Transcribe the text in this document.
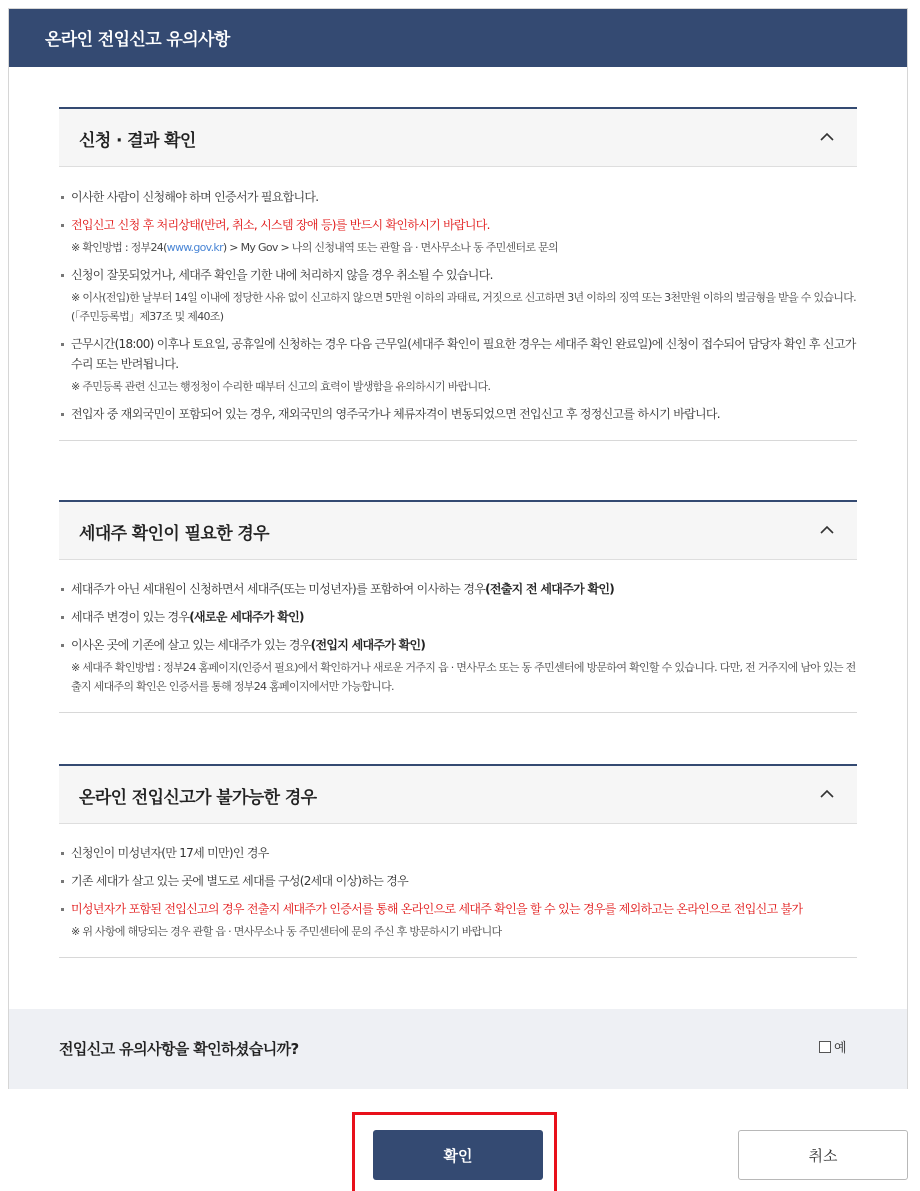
온라인 전입신고 유의사항
신청 · 결과 확인
이사한 사람이 신청해야 하며 인증서가 필요합니다.
전입신고 신청 후 처리상태(반려, 취소, 시스템 장애 등)를 반드시 확인하시기 바랍니다.
※ 확인방법 : 정부24(www.gov.kr) > My Gov > 나의 신청내역 또는 관할 읍 · 면사무소나 동 주민센터로 문의
신청이 잘못되었거나, 세대주 확인을 기한 내에 처리하지 않을 경우 취소될 수 있습니다.
※ 이사(전입)한 날부터 14일 이내에 정당한 사유 없이 신고하지 않으면 5만원 이하의 과태료, 거짓으로 신고하면 3년 이하의 징역 또는 3천만원 이하의 벌금형을 받을 수 있습니다. (「주민등록법」제37조 및 제40조)
근무시간(18:00) 이후나 토요일, 공휴일에 신청하는 경우 다음 근무일(세대주 확인이 필요한 경우는 세대주 확인 완료일)에 신청이 접수되어 담당자 확인 후 신고가 수리 또는 반려됩니다.
※ 주민등록 관련 신고는 행정청이 수리한 때부터 신고의 효력이 발생함을 유의하시기 바랍니다.
전입자 중 재외국민이 포함되어 있는 경우, 재외국민의 영주국가나 체류자격이 변동되었으면 전입신고 후 정정신고를 하시기 바랍니다.
세대주 확인이 필요한 경우
세대주가 아닌 세대원이 신청하면서 세대주(또는 미성년자)를 포함하여 이사하는 경우(전출지 전 세대주가 확인)
세대주 변경이 있는 경우(새로운 세대주가 확인)
이사온 곳에 기존에 살고 있는 세대주가 있는 경우(전입지 세대주가 확인)
※ 세대주 확인방법 : 정부24 홈페이지(인증서 필요)에서 확인하거나 새로운 거주지 읍 · 면사무소 또는 동 주민센터에 방문하여 확인할 수 있습니다. 다만, 전 거주지에 남아 있는 전출지 세대주의 확인은 인증서를 통해 정부24 홈페이지에서만 가능합니다.
온라인 전입신고가 불가능한 경우
신청인이 미성년자(만 17세 미만)인 경우
기존 세대가 살고 있는 곳에 별도로 세대를 구성(2세대 이상)하는 경우
미성년자가 포함된 전입신고의 경우 전출지 세대주가 인증서를 통해 온라인으로 세대주 확인을 할 수 있는 경우를 제외하고는 온라인으로 전입신고 불가
※ 위 사항에 해당되는 경우 관할 읍 · 면사무소나 동 주민센터에 문의 주신 후 방문하시기 바랍니다
전입신고 유의사항을 확인하셨습니까?	예
확인	취소
